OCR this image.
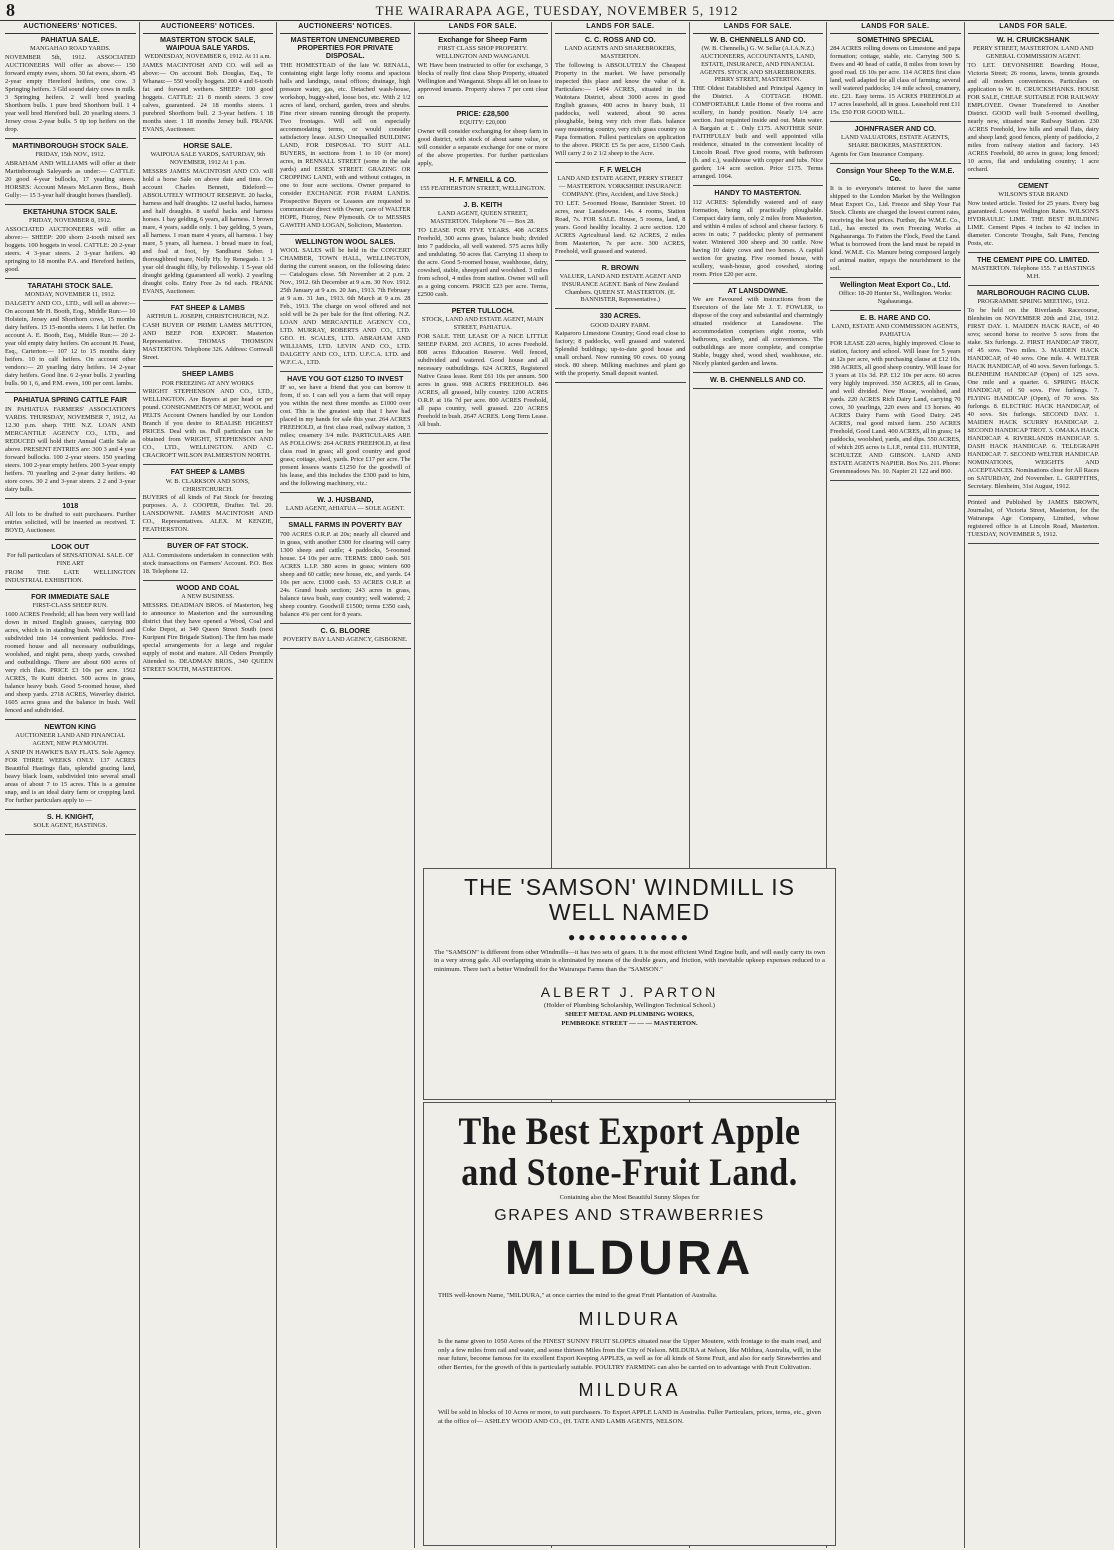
8	THE WAIRARAPA AGE, TUESDAY, NOVEMBER 5, 1912
AUCTIONEERS' NOTICES.
PAHIATUA SALE.
MANGAHAO ROAD YARDS.

NOVEMBER 5th, 1912. ASSOCIATED AUCTIONEERS Will offer as above:— 150 forward empty ewes, shorn. 30 fat ewes, shorn. 45 2-year empty Hereford heifers, one cow. 3 Springing heifers. 3 Gld sound dairy cows in milk. 3 Springing heifers. 2 well bred yearling Shorthorn bulls. 1 pure bred Shorthorn bull. 1 4 year well bred Hereford bull. 20 yearling steers. 3 Jersey cross 2-year bulls. 5 tip top heifers on the drop.

MARTINBOROUGH STOCK SALE.
FRIDAY, 15th NOV., 1912.

ABRAHAM AND WILLIAMS will offer at their Martinborough Saleyards as under:— CATTLE: 20 good 4-year bullocks, 17 yearling steers. HORSES: Account Messrs McLaren Bros., Bush Gully:— 15 3-year half draught horses (handled).

EKETAHUNA STOCK SALE.
FRIDAY, NOVEMBER 8, 1912.

ASSOCIATED AUCTIONEERS will offer as above:— SHEEP: 200 shorn 2-tooth mixed sex hoggets. 100 hoggets in wool. CATTLE: 20 2-year steers. 4 3-year steers. 2 3-year heifers. 40 springing to 18 months P.A. and Hereford heifers, good.

TARATAHI STOCK SALE.
MONDAY, NOVEMBER 11, 1912.

DALGETY AND CO., LTD., will sell as above:— On account Mr H. Booth, Eog., Middle Run:— 10 Holstein, Jersey and Shorthorn cows, 15 months dairy heifers. 15 15-months steers. 1 fat heifer. On account A. E. Booth, Esq., Middle Run:— 20 2-year old empty dairy heifers. On account H. Feast, Esq., Carterton:— 107 12 to 15 months dairy heifers. 10 in calf heifers. On account other vendors:— 20 yearling dairy heifers. 14 2-year dairy heifers. Good line. 6 2-year bulls. 2 yearling bulls. 90 1, 6, and P.M. ewes, 100 per cent. lambs.

PAHIATUA SPRING CATTLE FAIR

IN PAHIATUA FARMERS' ASSOCIATION'S YARDS. THURSDAY, NOVEMBER 7, 1912, At 12.30 p.m. sharp. THE N.Z. LOAN AND MERCANTILE AGENCY CO., LTD., and REDUCED will hold their Annual Cattle Sale as above. PRESENT ENTRIES are: 300 3 and 4 year forward bullocks. 100 2-year steers. 150 yearling steers. 100 2-year empty heifers. 200 3-year empty heifers. 70 yearling and 2-year dairy heifers. 40 store cows. 30 2 and 3-year steers. 2 2 and 3-year dairy bulls.

1018

All lots to be drafted to suit purchasers. Further entries solicited, will be inserted as received. T. BOYD, Auctioneer.

LOOK OUT
For full particulars of SENSATIONAL SALE. OF FINE ART

FROM THE LATE WELLINGTON INDUSTRIAL EXHIBITION.

FOR IMMEDIATE SALE
FIRST-CLASS SHEEP RUN.

1600 ACRES Freehold; all has been very well laid down in mixed English grasses, carrying 800 acres, which is in standing bush. Well fenced and subdivided into 14 convenient paddocks. Five-roomed house and all necessary outbuildings, woolshed, and night pens, sheep yards, cowshed and outbuildings. There are about 600 acres of very rich flats. PRICE £3 10s per acre. 1562 ACRES, Te Kuiti district. 500 acres in grass, balance heavy bush. Good 5-roomed house, shed and sheep yards. 2718 ACRES, Waverley district. 1605 acres grass and the balance in bush. Well fenced and subdivided.

NEWTON KING
AUCTIONEER LAND AND FINANCIAL AGENT, NEW PLYMOUTH.

A SNIP IN HAWKE'S BAY FLATS. Sole Agency. FOR THREE WEEKS ONLY. 137 ACRES Beautiful Hastings flats, splendid grazing land, heavy black loam, subdivided into several small areas of about 7 to 15 acres. This is a genuine snap, and is an ideal dairy farm or cropping land. For further particulars apply to —

S. H. KNIGHT,
SOLE AGENT, HASTINGS.
AUCTIONEERS' NOTICES.
MASTERTON STOCK SALE, WAIPOUA SALE YARDS.
WEDNESDAY, NOVEMBER 6, 1912. At 11 a.m.

JAMES MACINTOSH AND CO. will sell as above:— On account Bob. Douglas, Esq., Te Whanau:— 550 woolly hoggets. 200 4 and 6-tooth fat and forward wethers. SHEEP: 100 good hoggets. CATTLE: 21 8 month steers. 3 cow calves, guaranteed. 24 18 months steers. 1 purebred Shorthorn bull. 2 3-year heifers. 1 18 months steer. 1 18 months Jersey bull. FRANK EVANS, Auctioneer.

HORSE SALE.
WAIPOUA SALE YARDS, SATURDAY, 9th NOVEMBER, 1912 At 1 p.m.

MESSRS JAMES MACINTOSH AND CO. will hold a horse Sale on above date and time. On account Charles Bennett, Bideford:— ABSOLUTELY WITHOUT RESERVE. 20 hacks, harness and half draughts. 12 useful hacks, harness and half draughts. 8 useful hacks and harness horses. 1 bay gelding, 6 years, all harness. 1 brown mare, 4 years, saddle only. 1 bay gelding, 5 years, all harness. 1 roan mare 4 years, all harness. 1 bay mare, 5 years, all harness. 1 bread mare in foal, and foal at foot, by Sandhurst Sober. 1 thoroughbred mare, Nolly Hy. by Renegado. 1 3-year old draught filly, by Fellowship. 1 5-year old draught gelding (guaranteed all work). 2 yearling draught colts. Entry Free 2s 6d each. FRANK EVANS, Auctioneer.

FAT SHEEP & LAMBS
ARTHUR L. JOSEPH, CHRISTCHURCH, N.Z.

CASH BUYER OF PRIME LAMBS MUTTON, AND BEEF FOR EXPORT. Masterton Representative. THOMAS THOMSON MASTERTON. Telephone 326. Address: Cornwall Street.

SHEEP LAMBS
FOR FREEZING AT ANY WORKS

WRIGHT STEPHENSON AND CO., LTD., WELLINGTON. Are Buyers at per head or per pound. CONSIGNMENTS OF MEAT, WOOL and PELTS Account Owners handled by our London Branch if you desire to REALISE HIGHEST PRICES. Deal with us. Full particulars can be obtained from WRIGHT, STEPHENSON AND CO., LTD., WELLINGTON. AND C. CRACROFT WILSON PALMERSTON NORTH.

FAT SHEEP & LAMBS
W. B. CLARKSON AND SONS, CHRISTCHURCH.

BUYERS of all kinds of Fat Stock for freezing purposes. A. J. COOPER, Drafter. Tel. 20. LANSDOWNE. JAMES MACINTOSH AND CO., Representatives. ALEX. M KENZIE, FEATHERSTON.

BUYER OF FAT STOCK.

ALL Commissions undertaken in connection with stock transactions on Farmers' Account. P.O. Box 18. Telephone 12.

WOOD AND COAL
A NEW BUSINESS.

MESSRS. DEADMAN BROS. of Masterton, beg to announce to Masterton and the surrounding district that they have opened a Wood, Coal and Coke Depot, at 340 Queen Street South (next Kuripuni Fire Brigade Station). The firm has made special arrangements for a large and regular supply of moist and mature. All Orders Promptly Attended to. DEADMAN BROS., 340 QUEEN STREET SOUTH, MASTERTON.

AUCTIONEERS' NOTICES.
MASTERTON UNENCUMBERED PROPERTIES FOR PRIVATE DISPOSAL.

THE HOMESTEAD of the late W. RENALL, containing eight large lofty rooms and spacious halls and landings, usual offices; drainage, high pressure water, gas, etc. Detached wash-house, workshop, buggy-shed, loose box, etc. With 2 1/2 acres of land, orchard, garden, trees and shrubs. Fine river stream running through the property. Two frontages. Will sell on especially accommodating terms, or would consider satisfactory lease. ALSO Unequalled BUILDING LAND, FOR DISPOSAL TO SUIT ALL BUYERS, in sections from 1 to 10 (or more) acres, in RENNALL STREET (some in the sale yards) and ESSEX STREET. GRAZING OR CROPPING LAND, with and without cottages, in one to four acre sections. Owner prepared to consider EXCHANGE FOR FARM LANDS. Prospective Buyers or Leasees are requested to communicate direct with Owner, care of WALTER HOPE, Fitzroy, New Plymouth. Or to MESSRS GAWITH AND LOGAN, Solicitors, Masterton.

WELLINGTON WOOL SALES.

WOOL SALES will be held in the CONCERT CHAMBER, TOWN HALL, WELLINGTON, during the current season, on the following dates:— Catalogues close. 5th November at 2 p.m. 2 Nov., 1912. 6th December at 9 a.m. 30 Nov. 1912. 25th January at 9 a.m. 20 Jan., 1913. 7th February at 9 a.m. 31 Jan., 1913. 6th March at 9 a.m. 28 Feb., 1913. The charge on wool offered and not sold will be 2s per bale for the first offering. N.Z. LOAN AND MERCANTILE AGENCY CO., LTD. MURRAY, ROBERTS AND CO., LTD. GEO. H. SCALES, LTD. ABRAHAM AND WILLIAMS, LTD. LEVIN AND CO., LTD. DALGETY AND CO., LTD. U.F.C.A. LTD. and W.F.C.A., LTD.

HAVE YOU GOT £1250 TO INVEST

IF so, we have a friend that you can borrow it from, if so. I can sell you a farm that will repay you within the next three months as £1000 over cost. This is the greatest snip that I have had placed in my hands for sale this year. 264 ACRES FREEHOLD, at first class road, railway station, 3 miles; creamery 3/4 mile. PARTICULARS ARE AS FOLLOWS: 264 ACRES FREEHOLD, at first class road in grass; all good country and good grass; cottage, shed, yards. Price £17 per acre. The present lessees wants £1250 for the goodwill of his lease, and this includes the £300 paid to him, and the following machinery, viz.:

W. J. HUSBAND,
LAND AGENT, AHIATUA — SOLE AGENT.
SMALL FARMS IN POVERTY BAY

700 ACRES O.R.P. at 20s; nearly all cleared and in grass, with another £300 for clearing will carry 1300 sheep and cattle; 4 paddocks, 5-roomed house. £4 10s per acre. TERMS: £800 cash. 501 ACRES L.I.P. 380 acres in grass; winters 600 sheep and 60 cattle; new house, etc, and yards. £4 10s per acre. £1000 cash. 53 ACRES O.R.P. at 24s. Grand bush section; 243 acres in grass, balance tawa bush, easy country; well watered; 2 sheep country. Goodwill £1500; terms £350 cash, balance 4% per cent for 8 years.

C. G. BLOORE
POVERTY BAY LAND AGENCY, GISBORNE.
LANDS FOR SALE.
Exchange for Sheep Farm
FIRST CLASS SHOP PROPERTY. WELLINGTON AND WANGANUI.

WE Have been instructed to offer for exchange, 3 blocks of really first class Shop Property, situated Wellington and Wanganui. Shops all let on lease to approved tenants. Property shows 7 per cent clear on

PRICE: £28,500
EQUITY: £20,000

Owner will consider exchanging for sheep farm in good district, with stock of about same value, or will consider a separate exchange for one or more of the above properties. For further particulars apply,

H. F. M'NEILL & CO.
155 FEATHERSTON STREET, WELLINGTON.
J. B. KEITH
LAND AGENT, QUEEN STREET, MASTERTON. Telephone 76 — Box 28.

TO LEASE FOR FIVE YEARS. 408 ACRES Freehold, 300 acres grass, balance bush; divided into 7 paddocks, all well watered. 575 acres hilly and undulating. 50 acres flat. Carrying 11 sheep to the acre. Good 5-roomed house, washhouse, dairy, cowshed, stable, sheepyard and woolshed. 3 miles from school, 4 miles from station. Owner will sell as a going concern. PRICE £23 per acre. Terms, £2500 cash.

PETER TULLOCH.
STOCK, LAND AND ESTATE AGENT, MAIN STREET, PAHIATUA.

FOR SALE. THE LEASE OF A NICE LITTLE SHEEP FARM. 203 ACRES, 10 acres Freehold. 808 acres Education Reserve. Well fenced, subdivided and watered. Good house and all necessary outbuildings. 624 ACRES, Registered Native Grass lease. Rent £61 10s per annum. 500 acres in grass. 998 ACRES FREEHOLD. 846 ACRES, all grassed, hilly country. 1200 ACRES O.R.P. at 16s 7d per acre. 800 ACRES Freehold, all papa country, well grassed. 220 ACRES Freehold in bush. 2647 ACRES. Long Term Lease. All bush.

LANDS FOR SALE.
C. C. ROSS AND CO.
LAND AGENTS AND SHAREBROKERS, MASTERTON.

The following is ABSOLUTELY the Cheapest Property in the market. We have personally inspected this place and know the value of it. Particulars:— 1404 ACRES, situated in the Waitotara District, about 3000 acres in good English grasses, 400 acres in heavy bush, 11 paddocks, well watered, about 90 acres ploughable, being very rich river flats. balance easy mustering country, very rich grass country on Papa formation. Fullest particulars on application to the above. PRICE £5 5s per acre, £1500 Cash. Will carry 2 to 2 1/2 sheep to the Acre.

F. F. WELCH
LAND AND ESTATE AGENT, PERRY STREET — MASTERTON. YORKSHIRE INSURANCE COMPANY. (Fire, Accident, and Live Stock.)

TO LET. 5-roomed House, Bannister Street. 10 acres, near Lansdowne. 14s. 4 rooms, Station Road, 7s. FOR SALE. House, 5 rooms, land, 8 years. Good healthy locality. 2 acre section. 120 ACRES Agricultural land. 62 ACRES, 2 miles from Masterton, 7s per acre. 300 ACRES, Freehold, well grassed and watered.

R. BROWN
VALUER, LAND AND ESTATE AGENT AND INSURANCE AGENT. Bank of New Zealand Chambers. QUEEN ST. MASTERTON. (E. BANNISTER, Representative.)
330 ACRES.
GOOD DAIRY FARM.

Kaiparoro Limestone Country; Good road close to factory; 8 paddocks, well grassed and watered. Splendid buildings; up-to-date good house and small orchard. Now running 90 cows. 60 young stock. 80 sheep. Milking machines and plant go with the property. Small deposit wanted.

LANDS FOR SALE.
W. B. CHENNELLS AND CO.
(W. B. Chennells,) G. W. Sellar (A.I.A.N.Z.) AUCTIONEERS, ACCOUNTANTS, LAND, ESTATE, INSURANCE, AND FINANCIAL AGENTS. STOCK AND SHAREBROKERS. PERRY STREET, MASTERTON.

THE Oldest Established and Principal Agency in the District. A COTTAGE HOME. COMFORTABLE Little Home of five rooms and scullery, in handy position. Nearly 1/4 acre section. Just repainted inside and out. Main water. A Bargain at £ . Only £175. ANOTHER SNIP. FAITHFULLY built and well appointed villa residence, situated in the convenient locality of Lincoln Road. Five good rooms, with bathroom (h. and c.), washhouse with copper and tubs. Nice garden; 1/4 acre section. Price £175. Terms arranged. 1064.

HANDY TO MASTERTON.

112 ACRES: Splendidly watered and of easy formation, being all practically ploughable. Compact dairy farm, only 2 miles from Masterton, and within 4 miles of school and cheese factory. 6 acres in oats; 7 paddocks; plenty of permanent water. Wintered 300 sheep and 30 cattle. Now having 10 dairy cows and two horses. A capital section for grazing. Five roomed house, with scullery, wash-house, good cowshed, storing room. Price £20 per acre.

AT LANSDOWNE.

We are Favoured with instructions from the Executors of the late Mr J. T. FOWLER, to dispose of the cosy and substantial and charmingly situated residence at Lansdowne. The accommodation comprises eight rooms, with bathroom, scullery, and all conveniences. The outbuildings are more complete, and comprise Stable, buggy shed, wood shed, washhouse, etc. Nicely planted garden and lawns.

W. B. CHENNELLS AND CO.
LANDS FOR SALE.
SOMETHING SPECIAL

284 ACRES rolling downs on Limestone and papa formation; cottage, stable, etc. Carrying 500 S. Ewes and 40 head of cattle, 8 miles from town by good road. £6 10s per acre. 114 ACRES first class land, well adapted for all class of farming; several well watered paddocks; 1/4 mile school, creamery, etc. £21. Easy terms. 15 ACRES FREEHOLD at 17 acres leasehold, all in grass. Leasehold rent £11 15s. £50 FOR GOOD WILL.

JOHNFRASER AND CO.
LAND VALUATORS, ESTATE AGENTS, SHARE BROKERS, MASTERTON.

Agents for Gun Insurance Company.

Consign Your Sheep To the W.M.E. Co.

It is to everyone's interest to have the same shipped to the London Market by the Wellington Meat Export Co., Ltd. Freeze and Ship Your Fat Stock. Clients are charged the lowest current rates, receiving the best prices. Further, the W.M.E. Co., Ltd., has erected its own Freezing Works at Ngahauranga. To Fatten the Flock, Feed the Land. What is borrowed from the land must be repaid in kind. W.M.E. Co. Manure being composed largely of animal matter, repays the nourishment to the soil.

Wellington Meat Export Co., Ltd.
Office: 18-20 Hunter St., Wellington. Works: Ngahauranga.
E. B. HARE AND CO.
LAND, ESTATE AND COMMISSION AGENTS, PAHIATUA

FOR LEASE 220 acres, highly improved. Close to station, factory and school. Will lease for 5 years at 12s per acre, with purchasing clause at £12 10s. 398 ACRES, all good sheep country. Will lease for 3 years at 11s 3d. P.P. £12 10s per acre. 60 acres very highly improved. 350 ACRES, all in Grass, and well divided. New House, woolshed, and yards. 220 ACRES Rich Dairy Land, carrying 70 cows, 30 yearlings, 220 ewes and 13 horses. 40 ACRES Dairy Farm with Good Dairy. 245 ACRES, real good mixed farm. 250 ACRES Freehold, Good Land. 400 ACRES, all in grass; 14 paddocks, woolshed, yards, and dips. 550 ACRES, of which 205 acres is L.I.P., rental £11. HUNTER, SCHULTZE AND GIBSON. LAND AND ESTATE AGENTS NAPIER. Box No. 211. Phone: Greenmeadows No. 10. Napier 21 122 and 860.

LANDS FOR SALE.
W. H. CRUICKSHANK
PERRY STREET, MASTERTON. LAND AND GENERAL COMMISSION AGENT.

TO LET. DEVONSHIRE Boarding House, Victoria Street; 26 rooms, lawns, tennis grounds and all modern conveniences. Particulars on application to W. H. CRUICKSHANKS. HOUSE FOR SALE, CHEAP. SUITABLE FOR RAILWAY EMPLOYEE. Owner Transferred to Another District. GOOD well built 5-roomed dwelling, nearly new, situated near Railway Station. 230 ACRES Freehold, low hills and small flats, dairy and sheep land; good fences, plenty of paddocks, 2 miles from railway station and factory. 143 ACRES Freehold, 80 acres in grass; long fenced; 10 acres, flat and undulating country; 1 acre orchard.

CEMENT
WILSON'S STAR BRAND

Now tested article. Tested for 25 years. Every bag guaranteed. Lowest Wellington Rates. WILSON'S HYDRAULIC LIME. THE BEST BUILDING LIME. Cement Pipes 4 inches to 42 inches in diameter. Concrete Troughs, Salt Pans, Fencing Posts, etc.

THE CEMENT PIPE CO. LIMITED.
MASTERTON. Telephone 155. 7 at HASTINGS M.H.
MARLBOROUGH RACING CLUB.
PROGRAMME SPRING MEETING, 1912.

To be held on the Riverlands Racecourse, Blenheim on NOVEMBER 20th and 21st, 1912. FIRST DAY. 1. MAIDEN HACK RACE, of 40 sovs; second horse to receive 5 sovs from the stake. Six furlongs. 2. FIRST HANDICAP TROT, of 45 sovs. Two miles. 3. MAIDEN HACK HANDICAP, of 40 sovs. One mile. 4. WELTER HACK HANDICAP, of 40 sovs. Seven furlongs. 5. BLENHEIM HANDICAP (Open) of 125 sovs. One mile and a quarter. 6. SPRING HACK HANDICAP, of 50 sovs. Five furlongs. 7. FLYING HANDICAP (Open), of 70 sovs. Six furlongs. 8. ELECTRIC HACK HANDICAP, of 40 sovs. Six furlongs. SECOND DAY. 1. MAIDEN HACK SCURRY HANDICAP. 2. SECOND HANDICAP TROT. 3. OMAKA HACK HANDICAP. 4. RIVERLANDS HANDICAP. 5. DASH HACK HANDICAP. 6. TELEGRAPH HANDICAP. 7. SECOND WELTER HANDICAP. NOMINATIONS, WEIGHTS AND ACCEPTANCES. Nominations close for All Races on SATURDAY, 2nd November. L. GRIFFITHS, Secretary. Blenheim, 31st August, 1912.

Printed and Published by JAMES BROWN, Journalist, of Victoria Street, Masterton, for the Wairarapa Age Company, Limited, whose registered office is at Lincoln Road, Masterton. TUESDAY, NOVEMBER 5, 1912.

THE 'SAMSON' WINDMILL IS WELL NAMED
●●●●●●●●●●●●
The "SAMSON" is different from other Windmills—it has two sets of gears. It is the most efficient Wind Engine built, and will easily carry its own in a very strong gale. All overlapping strain is eliminated by means of the double gears, and friction, with inevitable upkeep expenses reduced to a minimum. There isn't a better Windmill for the Wairarapa Farms than the "SAMSON."
ALBERT J. PARTON
(Holder of Plumbing Scholarship, Wellington Technical School.)
SHEET METAL AND PLUMBING WORKS,
PEMBROKE STREET — — — MASTERTON.
The Best Export Apple and Stone-Fruit Land.
Containing also the Most Beautiful Sunny Slopes for
GRAPES AND STRAWBERRIES
MILDURA
THIS well-known Name, "MILDURA," at once carries the mind to the great Fruit Plantation of Australia.
MILDURA
Is the name given to 1050 Acres of the FINEST SUNNY FRUIT SLOPES situated near the Upper Moutere, with frontage to the main road, and only a few miles from rail and water, and some thirteen Miles from the City of Nelson. MILDURA at Nelson, like Mildura, Australia, will, in the near future, become famous for its excellent Export Keeping APPLES, as well as for all kinds of Stone Fruit, and also for early Strawberries and other Berries, for the growth of this is particularly suitable. POULTRY FARMING can also be carried on to advantage with Fruit Cultivation.
MILDURA
Will be sold in blocks of 10 Acres or more, to suit purchasers. To Export APPLE LAND in Australia. Fuller Particulars, prices, terms, etc., given at the office of— ASHLEY WOOD AND CO., (H. TATE AND LAMB AGENTS, NELSON.
